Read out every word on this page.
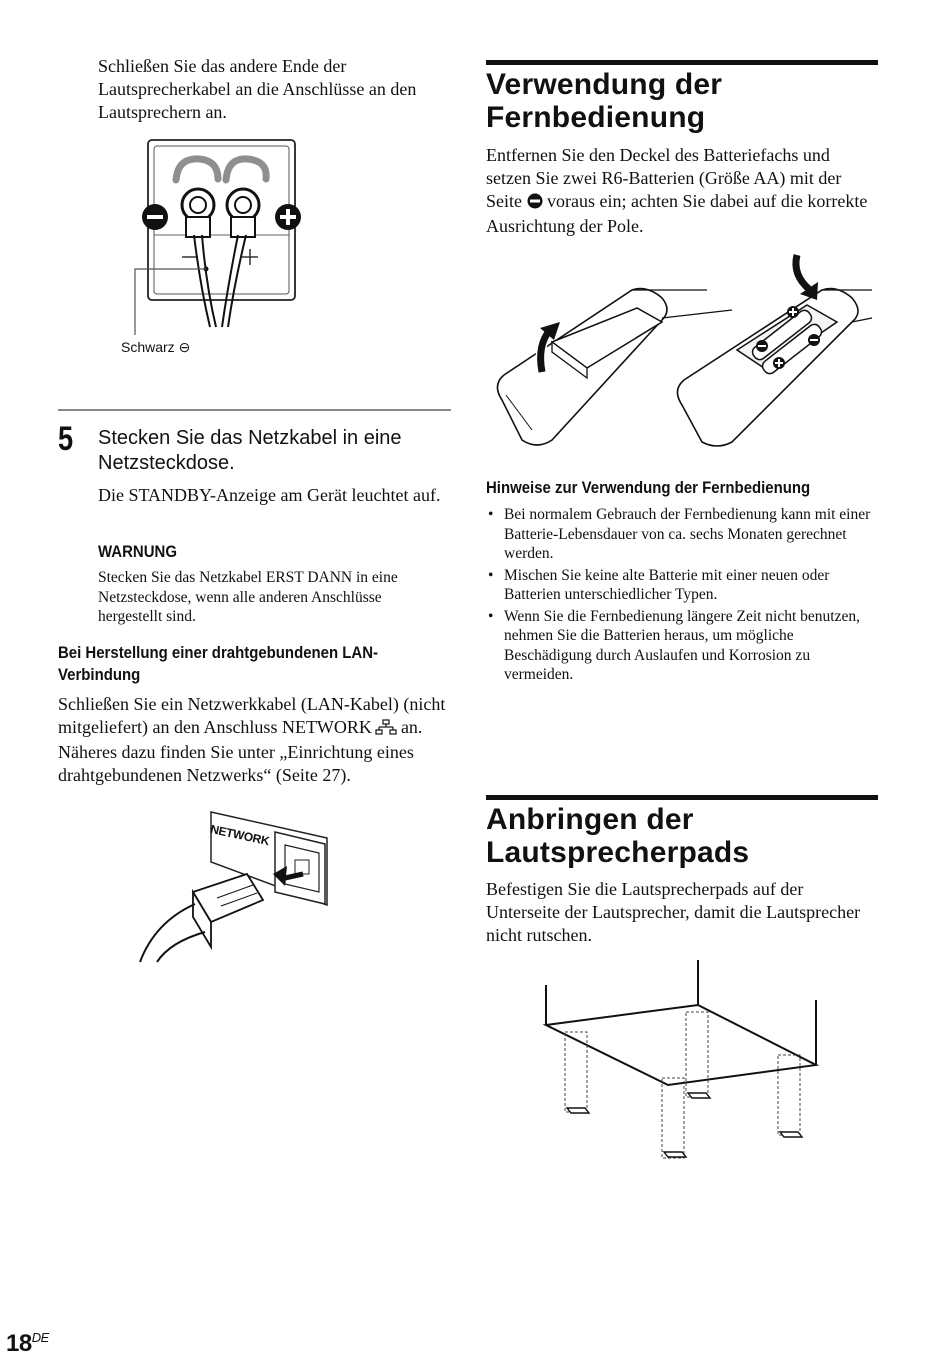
Schließen Sie das andere Ende der Lautsprecherkabel an die Anschlüsse an den Lautsprechern an.
Schwarz ⊖
5 Stecken Sie das Netzkabel in eine Netzsteckdose.
Die STANDBY-Anzeige am Gerät leuchtet auf.
WARNUNG
Stecken Sie das Netzkabel ERST DANN in eine Netzsteckdose, wenn alle anderen Anschlüsse hergestellt sind.
Bei Herstellung einer drahtgebundenen LAN-Verbindung
Schließen Sie ein Netzwerkkabel (LAN-Kabel) (nicht mitgeliefert) an den Anschluss NETWORK  an. Näheres dazu finden Sie unter „Einrichtung eines drahtgebundenen Netzwerks“ (Seite 27).
NETWORK
Verwendung der
Fernbedienung
Entfernen Sie den Deckel des Batteriefachs und setzen Sie zwei R6-Batterien (Größe AA) mit der Seite  voraus ein; achten Sie dabei auf die korrekte Ausrichtung der Pole.
Hinweise zur Verwendung der Fernbedienung
• Bei normalem Gebrauch der Fernbedienung kann mit einer Batterie-Lebensdauer von ca. sechs Monaten gerechnet werden.
• Mischen Sie keine alte Batterie mit einer neuen oder Batterien unterschiedlicher Typen.
• Wenn Sie die Fernbedienung längere Zeit nicht benutzen, nehmen Sie die Batterien heraus, um mögliche Beschädigung durch Auslaufen und Korrosion zu vermeiden.
Anbringen der
Lautsprecherpads
Befestigen Sie die Lautsprecherpads auf der Unterseite der Lautsprecher, damit die Lautsprecher nicht rutschen.
18DE
